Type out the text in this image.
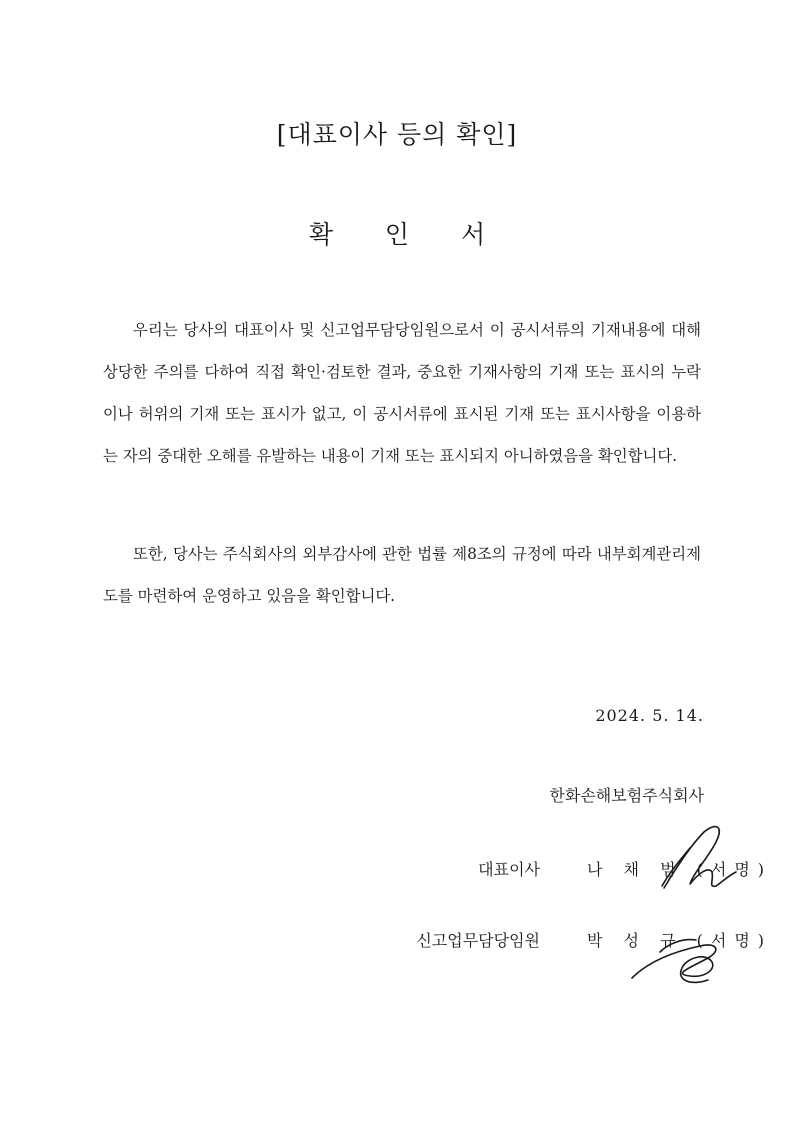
[대표이사 등의 확인]
확 인 서

우리는 당사의 대표이사 및 신고업무담당임원으로서 이 공시서류의 기재내용에 대해 상당한 주의를 다하여 직접 확인·검토한 결과, 중요한 기재사항의 기재 또는 표시의 누락이나 허위의 기재 또는 표시가 없고, 이 공시서류에 표시된 기재 또는 표시사항을 이용하는 자의 중대한 오해를 유발하는 내용이 기재 또는 표시되지 아니하였음을 확인합니다.

또한, 당사는 주식회사의 외부감사에 관한 법률 제8조의 규정에 따라 내부회계관리제도를 마련하여 운영하고 있음을 확인합니다.

2024. 5. 14.
한화손해보험주식회사
대표이사	나 채 범 (서명)
신고업무담당임원	박 성 규 (서명)
